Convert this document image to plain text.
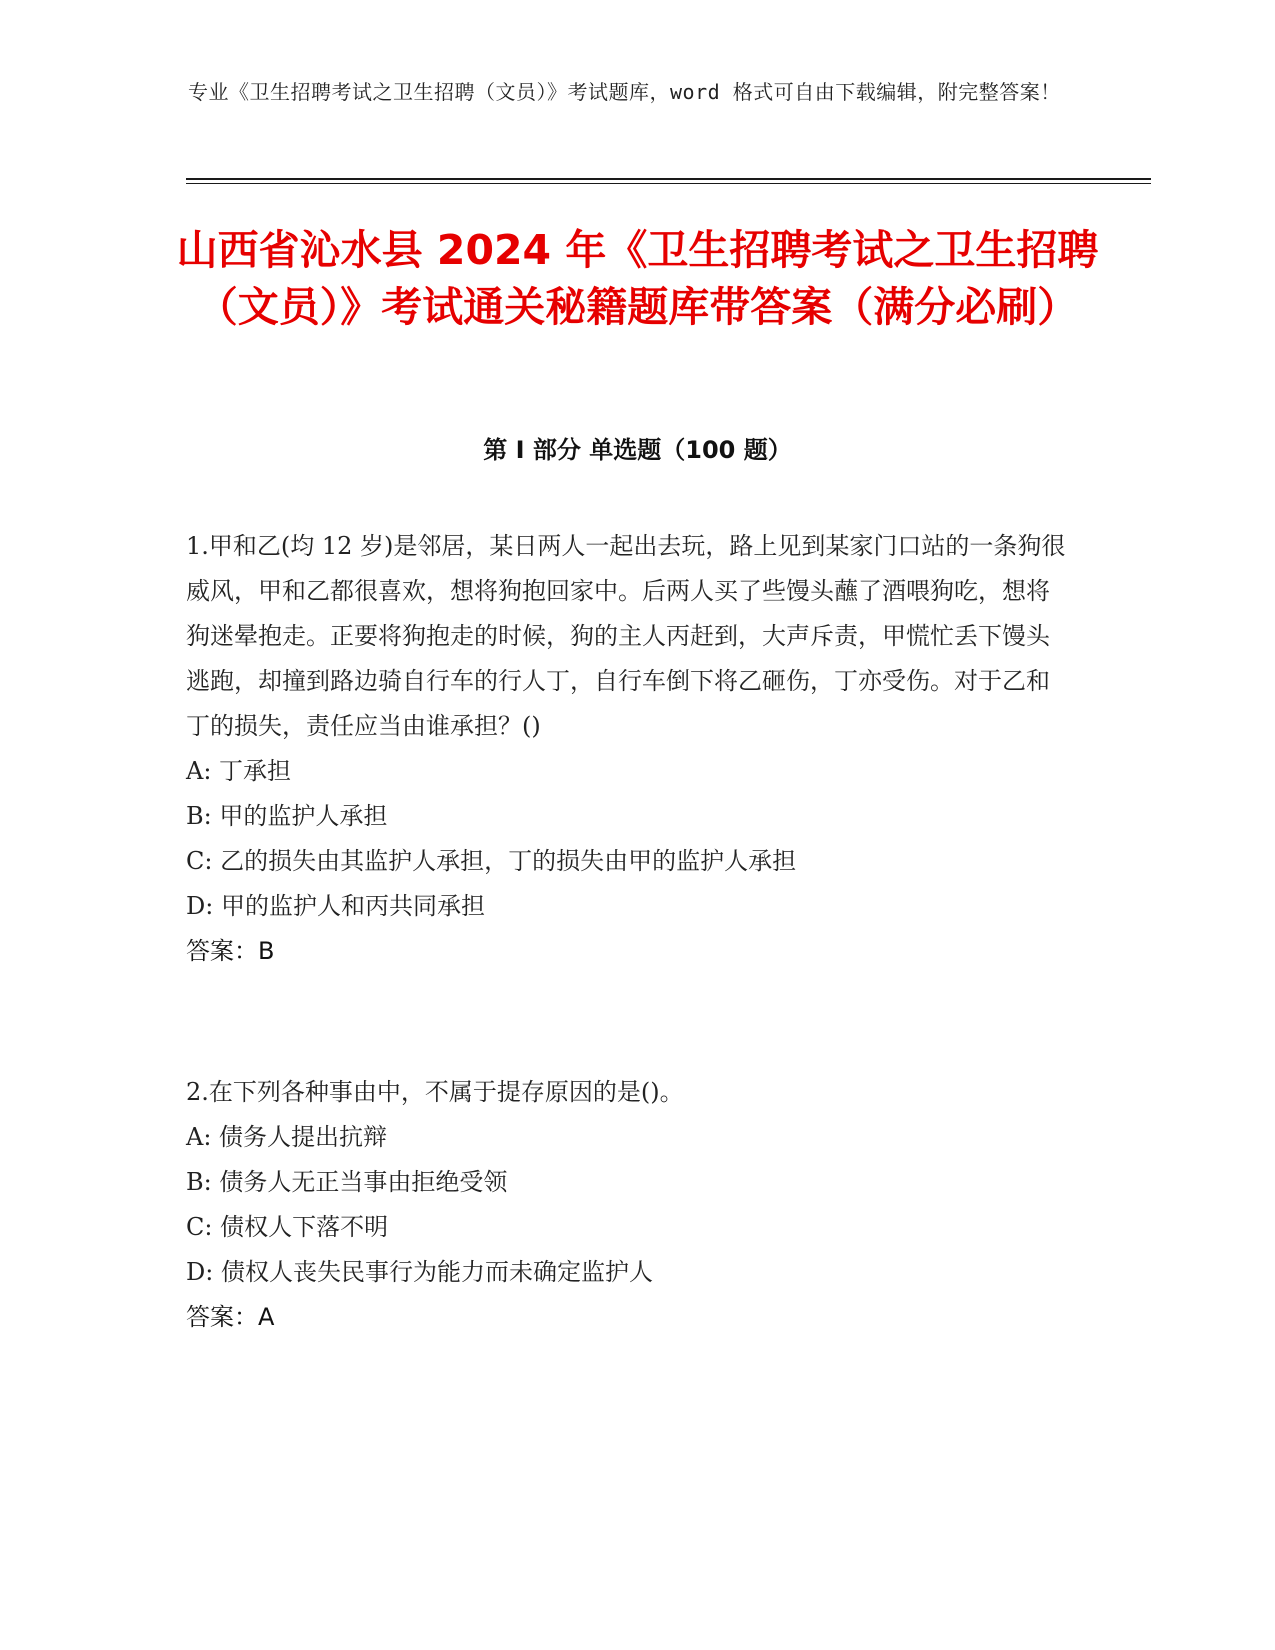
专业《卫生招聘考试之卫生招聘（文员）》考试题库，word 格式可自由下载编辑，附完整答案！
山西省沁水县 2024 年《卫生招聘考试之卫生招聘（文员）》考试通关秘籍题库带答案（满分必刷）
第 I 部分 单选题（100 题）

1.甲和乙(均 12 岁)是邻居，某日两人一起出去玩，路上见到某家门口站的一条狗很威风，甲和乙都很喜欢，想将狗抱回家中。后两人买了些馒头蘸了酒喂狗吃，想将狗迷晕抱走。正要将狗抱走的时候，狗的主人丙赶到，大声斥责，甲慌忙丢下馒头逃跑，却撞到路边骑自行车的行人丁，自行车倒下将乙砸伤，丁亦受伤。对于乙和丁的损失，责任应当由谁承担？()

A: 丁承担

B: 甲的监护人承担

C: 乙的损失由其监护人承担，丁的损失由甲的监护人承担

D: 甲的监护人和丙共同承担

答案：B

2.在下列各种事由中，不属于提存原因的是()。

A: 债务人提出抗辩

B: 债务人无正当事由拒绝受领

C: 债权人下落不明

D: 债权人丧失民事行为能力而未确定监护人

答案：A
